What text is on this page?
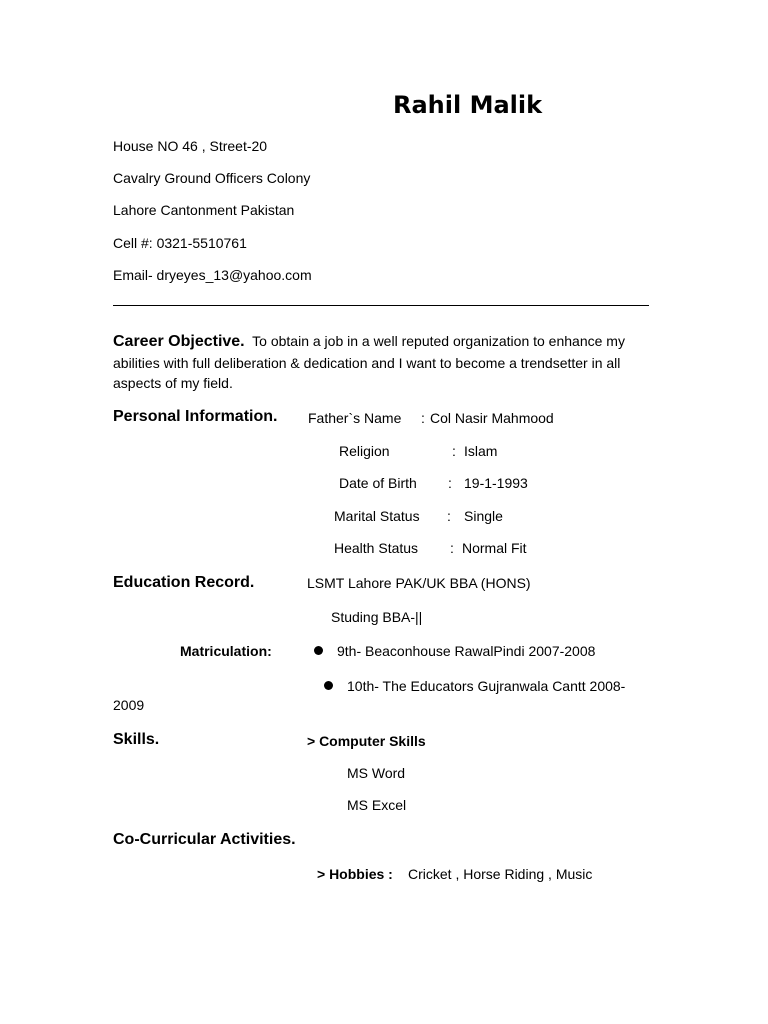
Rahil Malik
House NO 46 , Street-20
Cavalry Ground Officers Colony
Lahore Cantonment Pakistan
Cell #: 0321-5510761
Email- dryeyes_13@yahoo.com
Career Objective. To obtain a job in a well reputed organization to enhance my abilities with full deliberation & dedication and I want to become a trendsetter in all aspects of my field.
Personal Information. Father`s Name : Col Nasir Mahmood
Religion	: Islam
Date of Birth : 19-1-1993
Marital Status : Single
Health Status : Normal Fit
Education Record.	LSMT Lahore PAK/UK BBA (HONS)
Studing BBA-||
Matriculation:	9th- Beaconhouse RawalPindi 2007-2008
10th- The Educators Gujranwala Cantt 2008-
2009
Skills.	> Computer Skills
MS Word
MS Excel
Co-Curricular Activities.
> Hobbies : Cricket , Horse Riding , Music
